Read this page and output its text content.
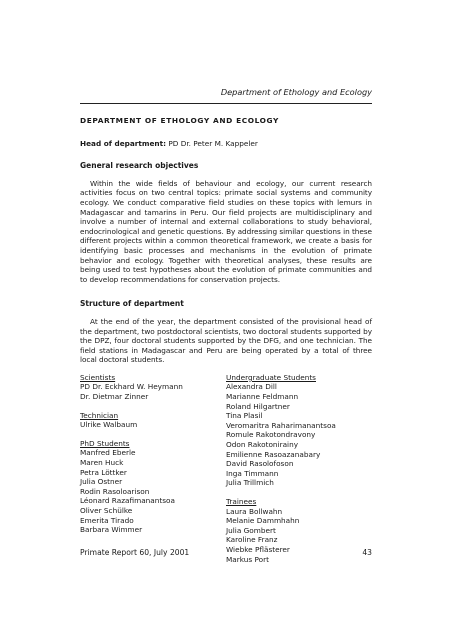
Department of Ethology and Ecology
DEPARTMENT OF ETHOLOGY AND ECOLOGY
Head of department: PD Dr. Peter M. Kappeler
General research objectives
Within the wide fields of behaviour and ecology, our current research activities focus on two central topics: primate social systems and community ecology. We conduct comparative field studies on these topics with lemurs in Madagascar and tamarins in Peru. Our field projects are multidisciplinary and involve a number of internal and external collaborations to study behavioral, endocrinological and genetic questions. By addressing similar questions in these different projects within a common theoretical framework, we create a basis for identifying basic processes and mechanisms in the evolution of primate behavior and ecology. Together with theoretical analyses, these results are being used to test hypotheses about the evolution of primate communities and to develop recommendations for conservation projects.
Structure of department
At the end of the year, the department consisted of the provisional head of the department, two postdoctoral scientists, two doctoral students supported by the DPZ, four doctoral students supported by the DFG, and one technician. The field stations in Madagascar and Peru are being operated by a total of three local doctoral students.
Scientists
PD Dr. Eckhard W. Heymann
Dr. Dietmar Zinner
Technician
Ulrike Walbaum
PhD Students
Manfred Eberle
Maren Huck
Petra Löttker
Julia Ostner
Rodin Rasoloarison
Léonard Razafimanantsoa
Oliver Schülke
Emerita Tirado
Barbara Wimmer
Undergraduate Students
Alexandra Dill
Marianne Feldmann
Roland Hilgartner
Tina Plasil
Veromaritra Raharimanantsoa
Romule Rakotondravony
Odon Rakotonirainy
Emilienne Rasoazanabary
David Rasolofoson
Inga Timmann
Julia Trillmich
Trainees
Laura Bollwahn
Melanie Dammhahn
Julia Gombert
Karoline Franz
Wiebke Pflästerer
Markus Port
Primate Report 60, July 2001	43
